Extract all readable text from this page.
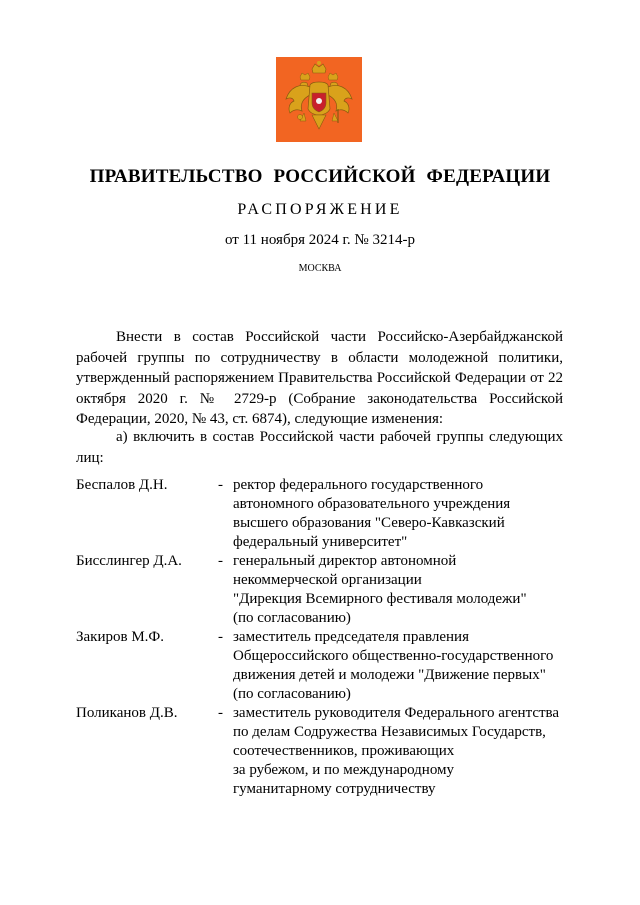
ПРАВИТЕЛЬСТВО РОССИЙСКОЙ ФЕДЕРАЦИИ
РАСПОРЯЖЕНИЕ
от 11 ноября 2024 г. № 3214-р
МОСКВА

Внести в состав Российской части Российско-Азербайджанской рабочей группы по сотрудничеству в области молодежной политики, утвержденный распоряжением Правительства Российской Федерации от 22 октября 2020 г. № 2729-р (Собрание законодательства Российской Федерации, 2020, № 43, ст. 6874), следующие изменения:

а) включить в состав Российской части рабочей группы следующих лиц:

Беспалов Д.Н.	- ректор федерального государственного
автономного образовательного учреждения
высшего образования "Северо-Кавказский
федеральный университет"
Бисслингер Д.А. - генеральный директор автономной
некоммерческой организации
"Дирекция Всемирного фестиваля молодежи"
(по согласованию)
Закиров М.Ф.	- заместитель председателя правления
Общероссийского общественно-государственного
движения детей и молодежи "Движение первых"
(по согласованию)
Поликанов Д.В.	- заместитель руководителя Федерального агентства
по делам Содружества Независимых Государств,
соотечественников, проживающих
за рубежом, и по международному
гуманитарному сотрудничеству
